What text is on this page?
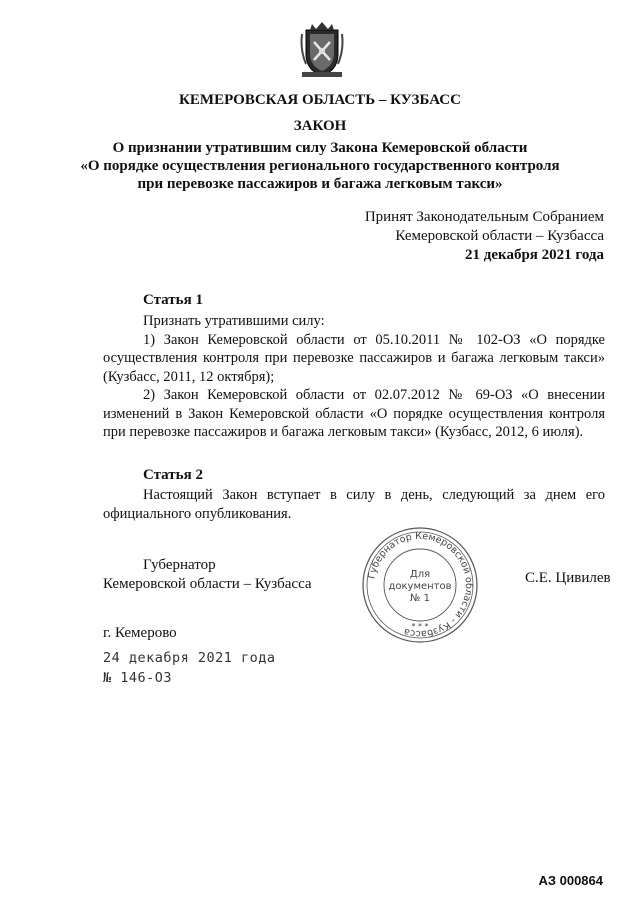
КЕМЕРОВСКАЯ ОБЛАСТЬ – КУЗБАСС
ЗАКОН
О признании утратившим силу Закона Кемеровской области
«О порядке осуществления регионального государственного контроля
при перевозке пассажиров и багажа легковым такси»
Принят Законодательным Собранием
Кемеровской области – Кузбасса
21 декабря 2021 года
Статья 1
Признать утратившими силу:
1) Закон Кемеровской области от 05.10.2011 № 102-ОЗ «О порядке осуществления контроля при перевозке пассажиров и багажа легковым такси» (Кузбасс, 2011, 12 октября);
2) Закон Кемеровской области от 02.07.2012 № 69-ОЗ «О внесении изменений в Закон Кемеровской области «О порядке осуществления контроля при перевозке пассажиров и багажа легковым такси» (Кузбасс, 2012, 6 июля).
Статья 2
Настоящий Закон вступает в силу в день, следующий за днем его официального опубликования.
Губернатор
Кемеровской области – Кузбасса
Губернатор Кемеровской области - Кузбасса
Для
документов
№ 1
* * *
С.Е. Цивилев
г. Кемерово
24 декабря 2021 года
№ 146-ОЗ
АЗ 000864
